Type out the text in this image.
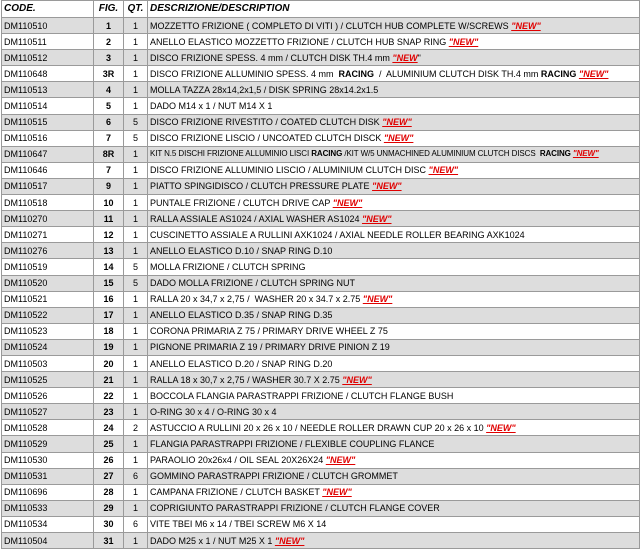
CODE.	FIG.	QT.	DESCRIZIONE/DESCRIPTION
DM110510	1	1	MOZZETTO FRIZIONE ( COMPLETO DI VITI ) / CLUTCH HUB COMPLETE W/SCREWS "NEW"
DM110511	2	1	ANELLO ELASTICO MOZZETTO FRIZIONE / CLUTCH HUB SNAP RING "NEW"
DM110512	3	1	DISCO FRIZIONE SPESS. 4 mm / CLUTCH DISK TH.4 mm "NEW"
DM110648	3R	1	DISCO FRIZIONE ALLUMINIO SPESS. 4 mm  RACING  /  ALUMINIUM CLUTCH DISK TH.4 mm RACING "NEW"
DM110513	4	1	MOLLA TAZZA 28x14,2x1,5 / DISK SPRING 28x14.2x1.5
DM110514	5	1	DADO M14 x 1 / NUT M14 X 1
DM110515	6	5	DISCO FRIZIONE RIVESTITO / COATED CLUTCH DISK "NEW"
DM110516	7	5	DISCO FRIZIONE LISCIO / UNCOATED CLUTCH DISCK "NEW"
DM110647	8R	1	KIT N.5 DISCHI FRIZIONE ALLUMINIO LISCI RACING /KIT W/5 UNMACHINED ALUMINIUM CLUTCH DISCS  RACING "NEW"
DM110646	7	1	DISCO FRIZIONE ALLUMINIO LISCIO / ALUMINIUM CLUTCH DISC "NEW"
DM110517	9	1	PIATTO SPINGIDISCO / CLUTCH PRESSURE PLATE "NEW"
DM110518	10	1	PUNTALE FRIZIONE / CLUTCH DRIVE CAP "NEW"
DM110270	11	1	RALLA ASSIALE AS1024 / AXIAL WASHER AS1024 "NEW"
DM110271	12	1	CUSCINETTO ASSIALE A RULLINI AXK1024 / AXIAL NEEDLE ROLLER BEARING AXK1024
DM110276	13	1	ANELLO ELASTICO D.10 / SNAP RING D.10
DM110519	14	5	MOLLA FRIZIONE / CLUTCH SPRING
DM110520	15	5	DADO MOLLA FRIZIONE / CLUTCH SPRING NUT
DM110521	16	1	RALLA 20 x 34,7 x 2,75 /  WASHER 20 x 34.7 x 2.75 "NEW"
DM110522	17	1	ANELLO ELASTICO D.35 / SNAP RING D.35
DM110523	18	1	CORONA PRIMARIA Z 75 / PRIMARY DRIVE WHEEL Z 75
DM110524	19	1	PIGNONE PRIMARIA Z 19 / PRIMARY DRIVE PINION Z 19
DM110503	20	1	ANELLO ELASTICO D.20 / SNAP RING D.20
DM110525	21	1	RALLA 18 x 30,7 x 2,75 / WASHER 30.7 X 2.75 "NEW"
DM110526	22	1	BOCCOLA FLANGIA PARASTRAPPI FRIZIONE / CLUTCH FLANGE BUSH
DM110527	23	1	O-RING 30 x 4 / O-RING 30 x 4
DM110528	24	2	ASTUCCIO A RULLINI 20 x 26 x 10 / NEEDLE ROLLER DRAWN CUP 20 x 26 x 10 "NEW"
DM110529	25	1	FLANGIA PARASTRAPPI FRIZIONE / FLEXIBLE COUPLING FLANCE
DM110530	26	1	PARAOLIO 20x26x4 / OIL SEAL 20X26X24 "NEW"
DM110531	27	6	GOMMINO PARASTRAPPI FRIZIONE / CLUTCH GROMMET
DM110696	28	1	CAMPANA FRIZIONE / CLUTCH BASKET "NEW"
DM110533	29	1	COPRIGIUNTO PARASTRAPPI FRIZIONE / CLUTCH FLANGE COVER
DM110534	30	6	VITE TBEI M6 x 14 / TBEI SCREW M6 X 14
DM110504	31	1	DADO M25 x 1 / NUT M25 X 1 "NEW"
